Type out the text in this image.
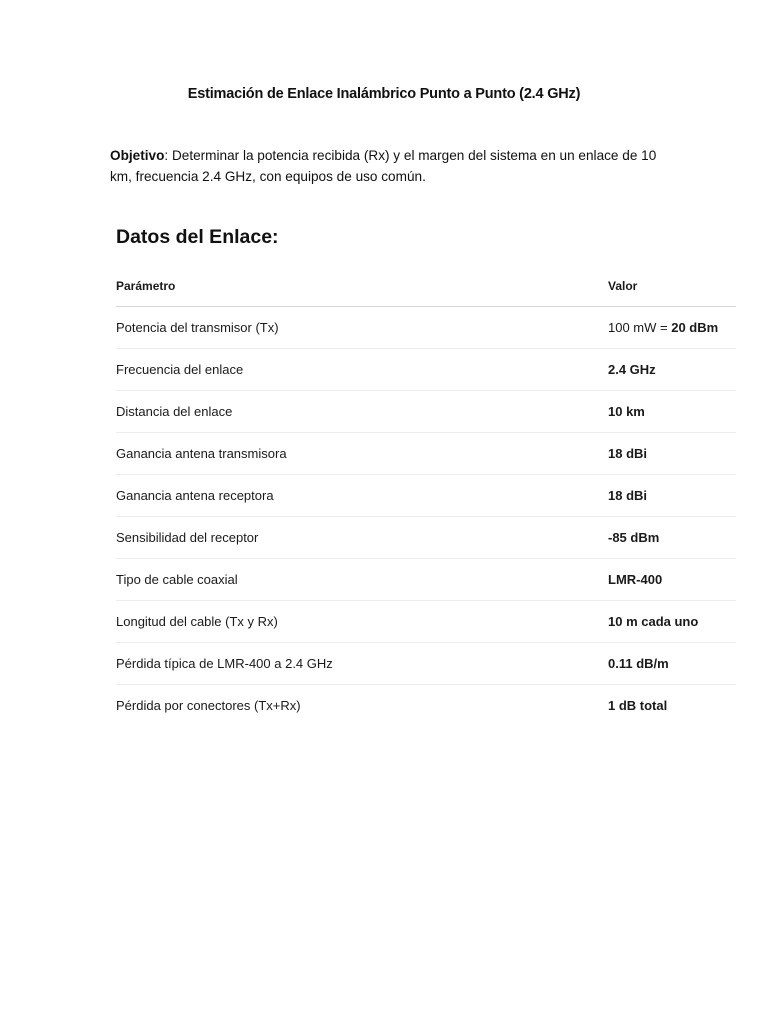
Estimación de Enlace Inalámbrico Punto a Punto (2.4 GHz)

Objetivo: Determinar la potencia recibida (Rx) y el margen del sistema en un enlace de 10 km, frecuencia 2.4 GHz, con equipos de uso común.

Datos del Enlace:
Parámetro	Valor
Potencia del transmisor (Tx)	100 mW = 20 dBm
Frecuencia del enlace	2.4 GHz
Distancia del enlace	10 km
Ganancia antena transmisora	18 dBi
Ganancia antena receptora	18 dBi
Sensibilidad del receptor	-85 dBm
Tipo de cable coaxial	LMR-400
Longitud del cable (Tx y Rx)	10 m cada uno
Pérdida típica de LMR-400 a 2.4 GHz	0.11 dB/m
Pérdida por conectores (Tx+Rx)	1 dB total
